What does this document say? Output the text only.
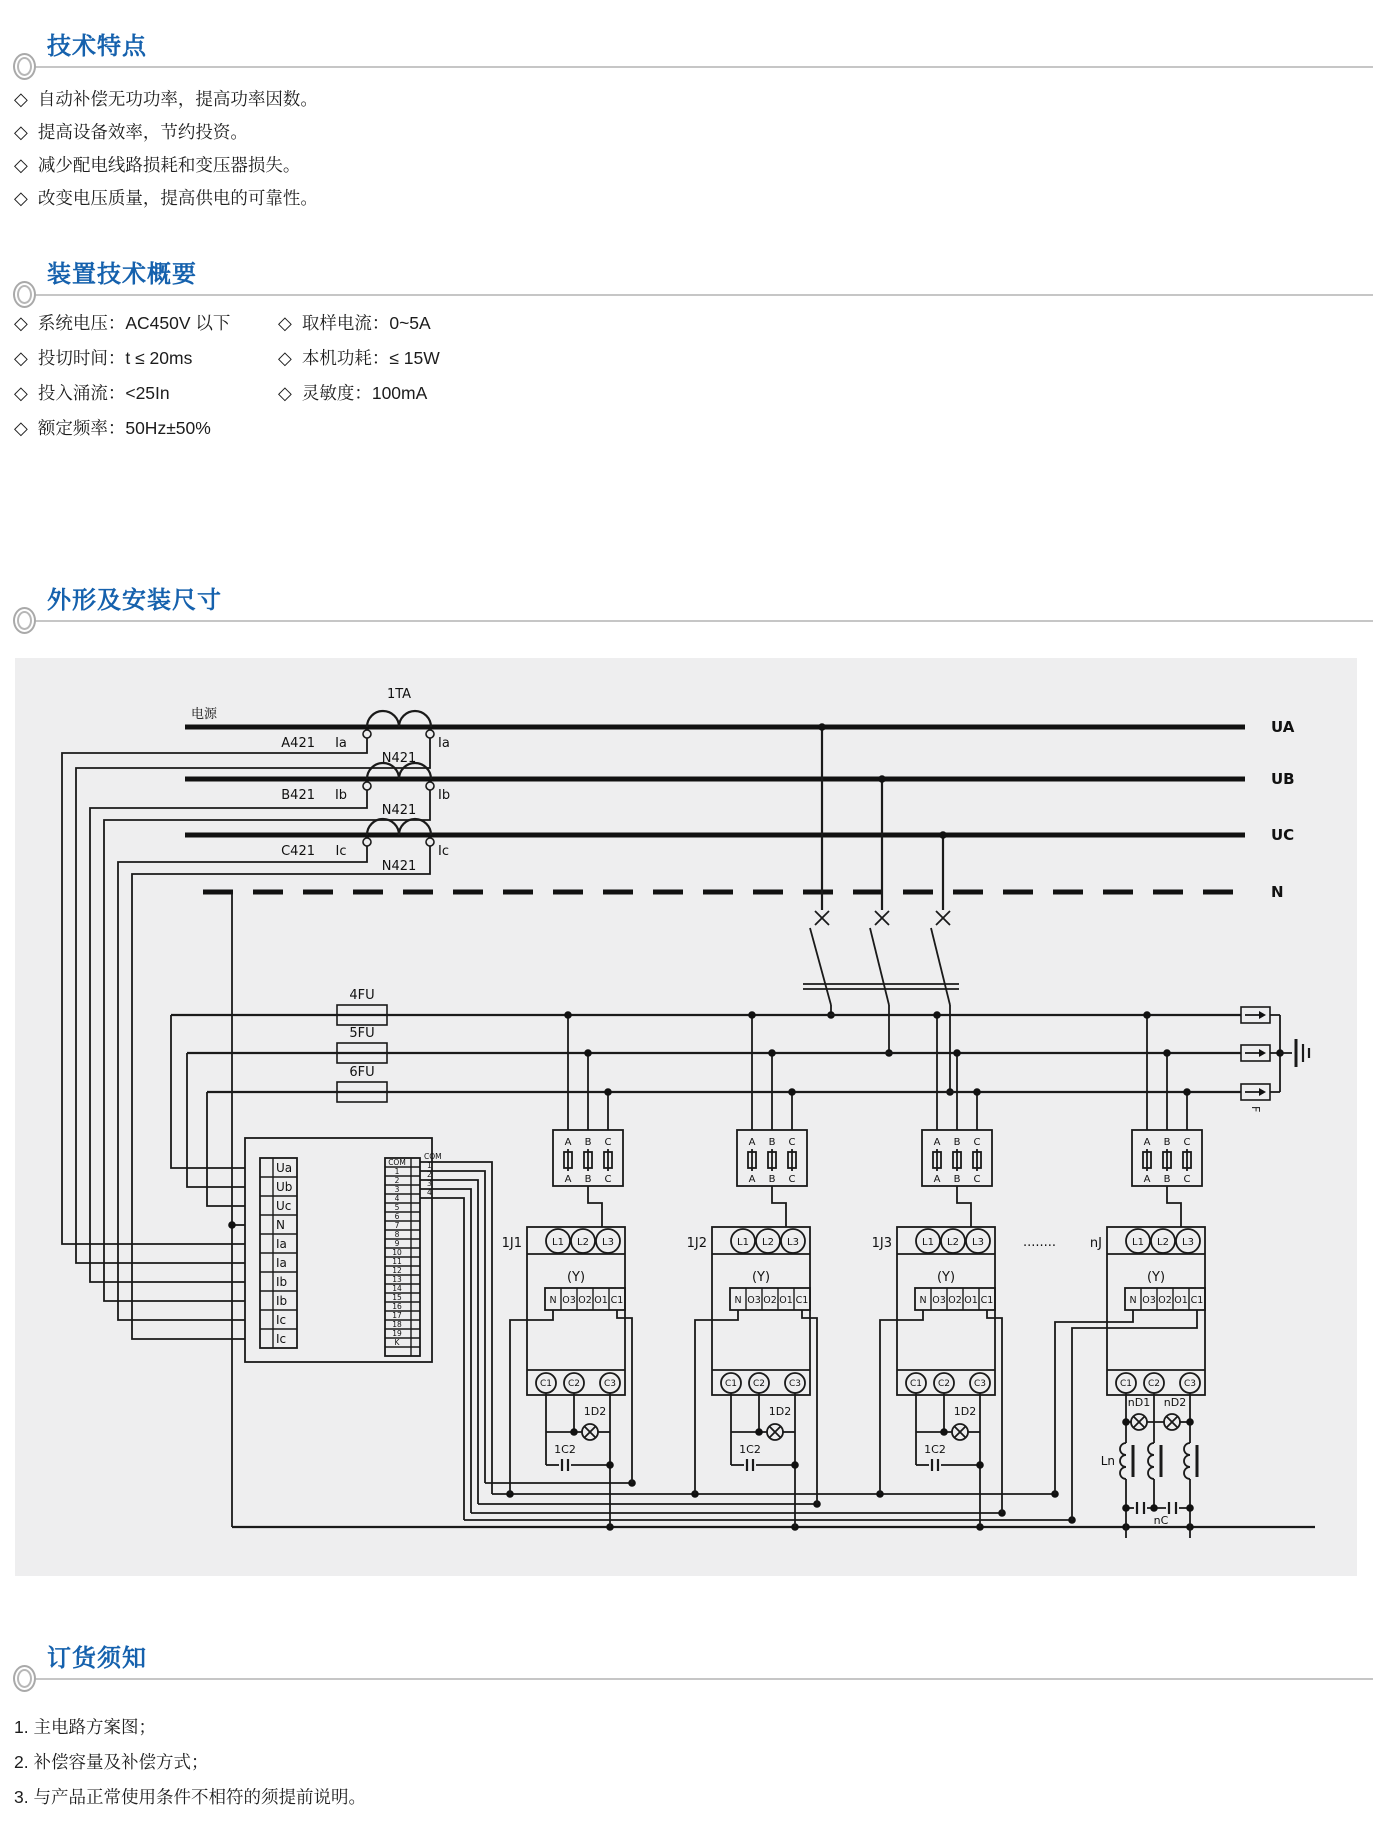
技术特点
◇ 自动补偿无功功率，提高功率因数。
◇ 提高设备效率，节约投资。
◇ 减少配电线路损耗和变压器损失。
◇ 改变电压质量，提高供电的可靠性。
装置技术概要
◇ 系统电压：AC450V 以下
◇ 投切时间：t ≤ 20ms
◇ 投入涌流：<25In
◇ 额定频率：50Hz±50%
◇ 取样电流：0~5A
◇ 本机功耗：≤ 15W
◇ 灵敏度：100mA
外形及安装尺寸
电源
UA
UB
UC
N
1TA
A421 Ia
N421
Ia
B421 Ib
N421
Ib
C421 Ic
N421
Ic
4FU
5FU
6FU
F
Ua
Ub
Uc
N
Ia
Ia
Ib
Ib
Ic
Ic
COM
1
2
3
4
5
6
7
8
9
10
11
12
13
14
15
16
17
18
19
K
COM
1
2
3
4
A B C
A B C
1J1	L1 L2 L3
(Y)
N O3 O2 O1 C1
C1 C2	C3
1D2
1C2
A B C
A B C
1J2	L1 L2 L3
(Y)
N O3 O2 O1 C1
C1 C2	C3
1D2
1C2
A B C
A B C
1J3	L1 L2 L3
(Y)
N O3 O2 O1 C1
C1 C2	C3
1D2
1C2
........	nJ
A B C
A B C
L1 L2 L3
(Y)
N O3 O2 O1 C1
C1 C2	C3
nD1 nD2
Ln
nC
订货须知
1. 主电路方案图；
2. 补偿容量及补偿方式；
3. 与产品正常使用条件不相符的须提前说明。
